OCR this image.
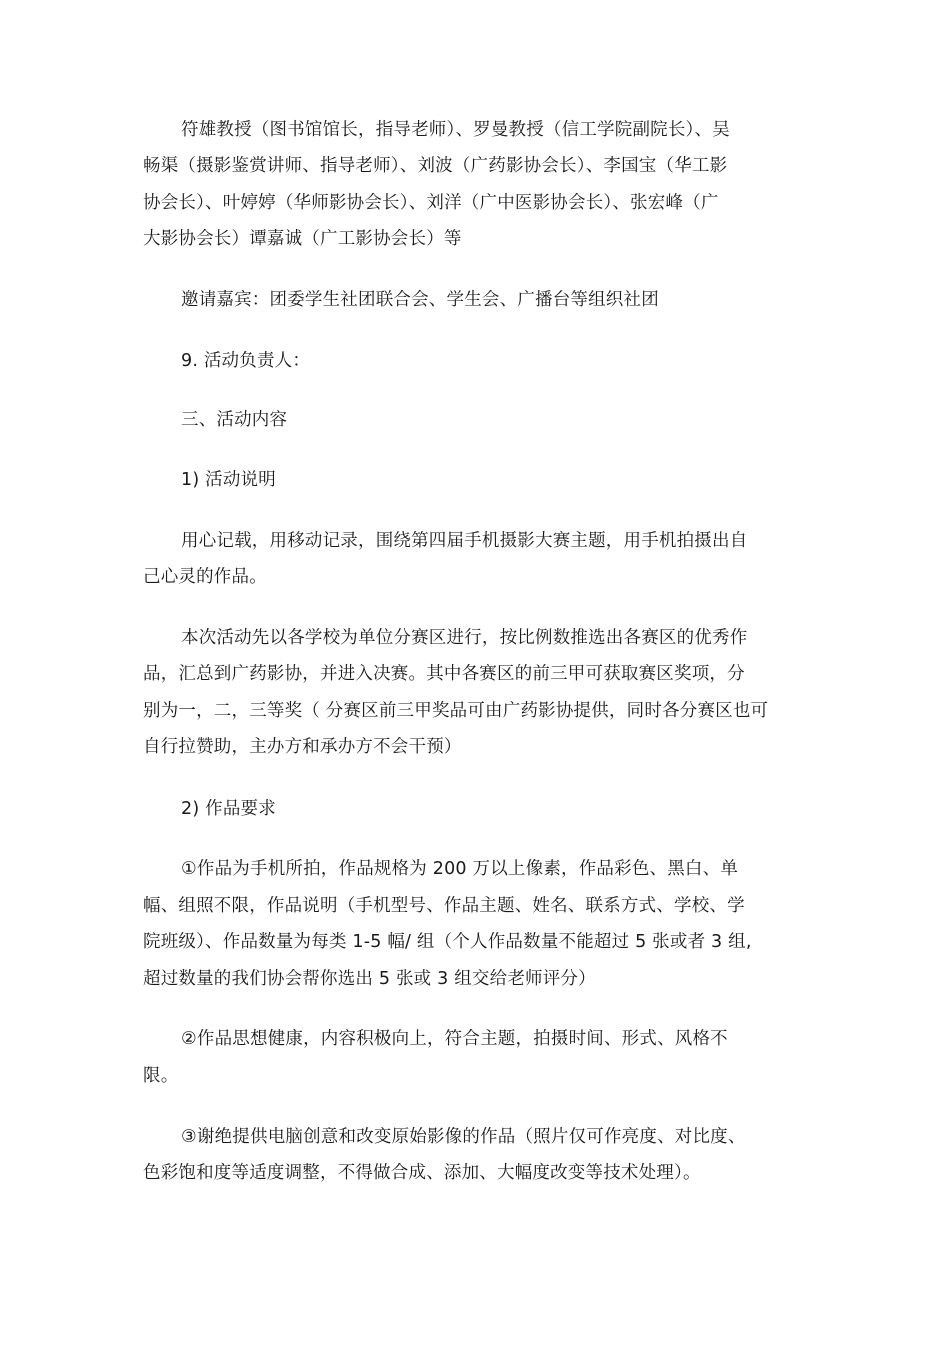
符雄教授（图书馆馆长，指导老师）、罗曼教授（信工学院副院长）、吴
畅渠（摄影鉴赏讲师、指导老师）、刘波（广药影协会长）、李国宝（华工影
协会长）、叶婷婷（华师影协会长）、刘洋（广中医影协会长）、张宏峰（广
大影协会长）谭嘉诚（广工影协会长）等
邀请嘉宾：团委学生社团联合会、学生会、广播台等组织社团
9. 活动负责人：
三、活动内容
1) 活动说明
用心记载，用移动记录，围绕第四届手机摄影大赛主题，用手机拍摄出自
己心灵的作品。
本次活动先以各学校为单位分赛区进行，按比例数推选出各赛区的优秀作
品，汇总到广药影协，并进入决赛。其中各赛区的前三甲可获取赛区奖项，分
别为一，二，三等奖（ 分赛区前三甲奖品可由广药影协提供，同时各分赛区也可
自行拉赞助，主办方和承办方不会干预）
2) 作品要求
①作品为手机所拍，作品规格为 200 万以上像素，作品彩色、黑白、单
幅、组照不限，作品说明（手机型号、作品主题、姓名、联系方式、学校、学
院班级）、作品数量为每类 1-5 幅/ 组（个人作品数量不能超过 5 张或者 3 组,
超过数量的我们协会帮你选出 5 张或 3 组交给老师评分）
②作品思想健康，内容积极向上，符合主题，拍摄时间、形式、风格不
限。
③谢绝提供电脑创意和改变原始影像的作品（照片仅可作亮度、对比度、
色彩饱和度等适度调整，不得做合成、添加、大幅度改变等技术处理）。
